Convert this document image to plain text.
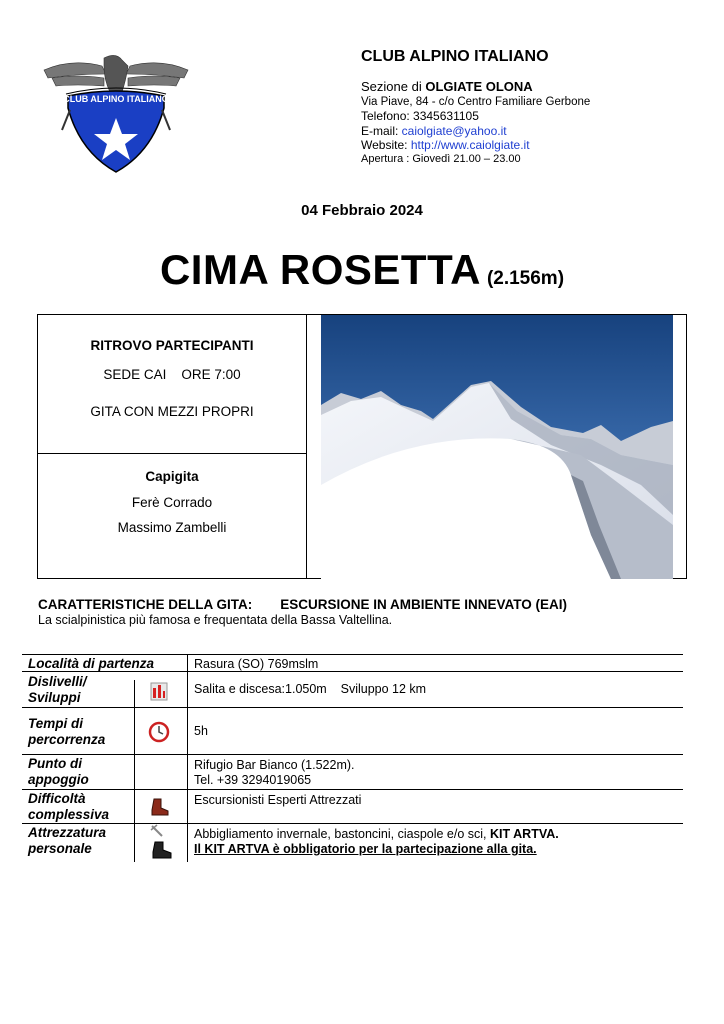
CLUB ALPINO ITALIANO
CLUB ALPINO ITALIANO
Sezione di OLGIATE OLONA
Via Piave, 84 - c/o Centro Familiare Gerbone
Telefono: 3345631105
E-mail: caiolgiate@yahoo.it
Website: http://www.caiolgiate.it
Apertura : Giovedì 21.00 – 23.00
04 Febbraio 2024
CIMA ROSETTA (2.156m)
RITROVO PARTECIPANTI
SEDE CAI    ORE 7:00
GITA CON MEZZI PROPRI
Capigita
Ferè Corrado
Massimo Zambelli
CARATTERISTICHE DELLA GITA: ESCURSIONE IN AMBIENTE INNEVATO (EAI)
La scialpinistica più famosa e frequentata della Bassa Valtellina.
Località di partenza	Rasura (SO) 769mslm
Dislivelli/ Sviluppi
Salita e discesa:1.050m    Sviluppo 12 km
Tempi di percorrenza
5h
Punto di appoggio
Rifugio Bar Bianco (1.522m).
Tel. +39 3294019065
Difficoltà complessiva
Escursionisti Esperti Attrezzati
Attrezzatura personale
Abbigliamento invernale, bastoncini, ciaspole e/o sci, KIT ARTVA.
Il KIT ARTVA è obbligatorio per la partecipazione alla gita.
